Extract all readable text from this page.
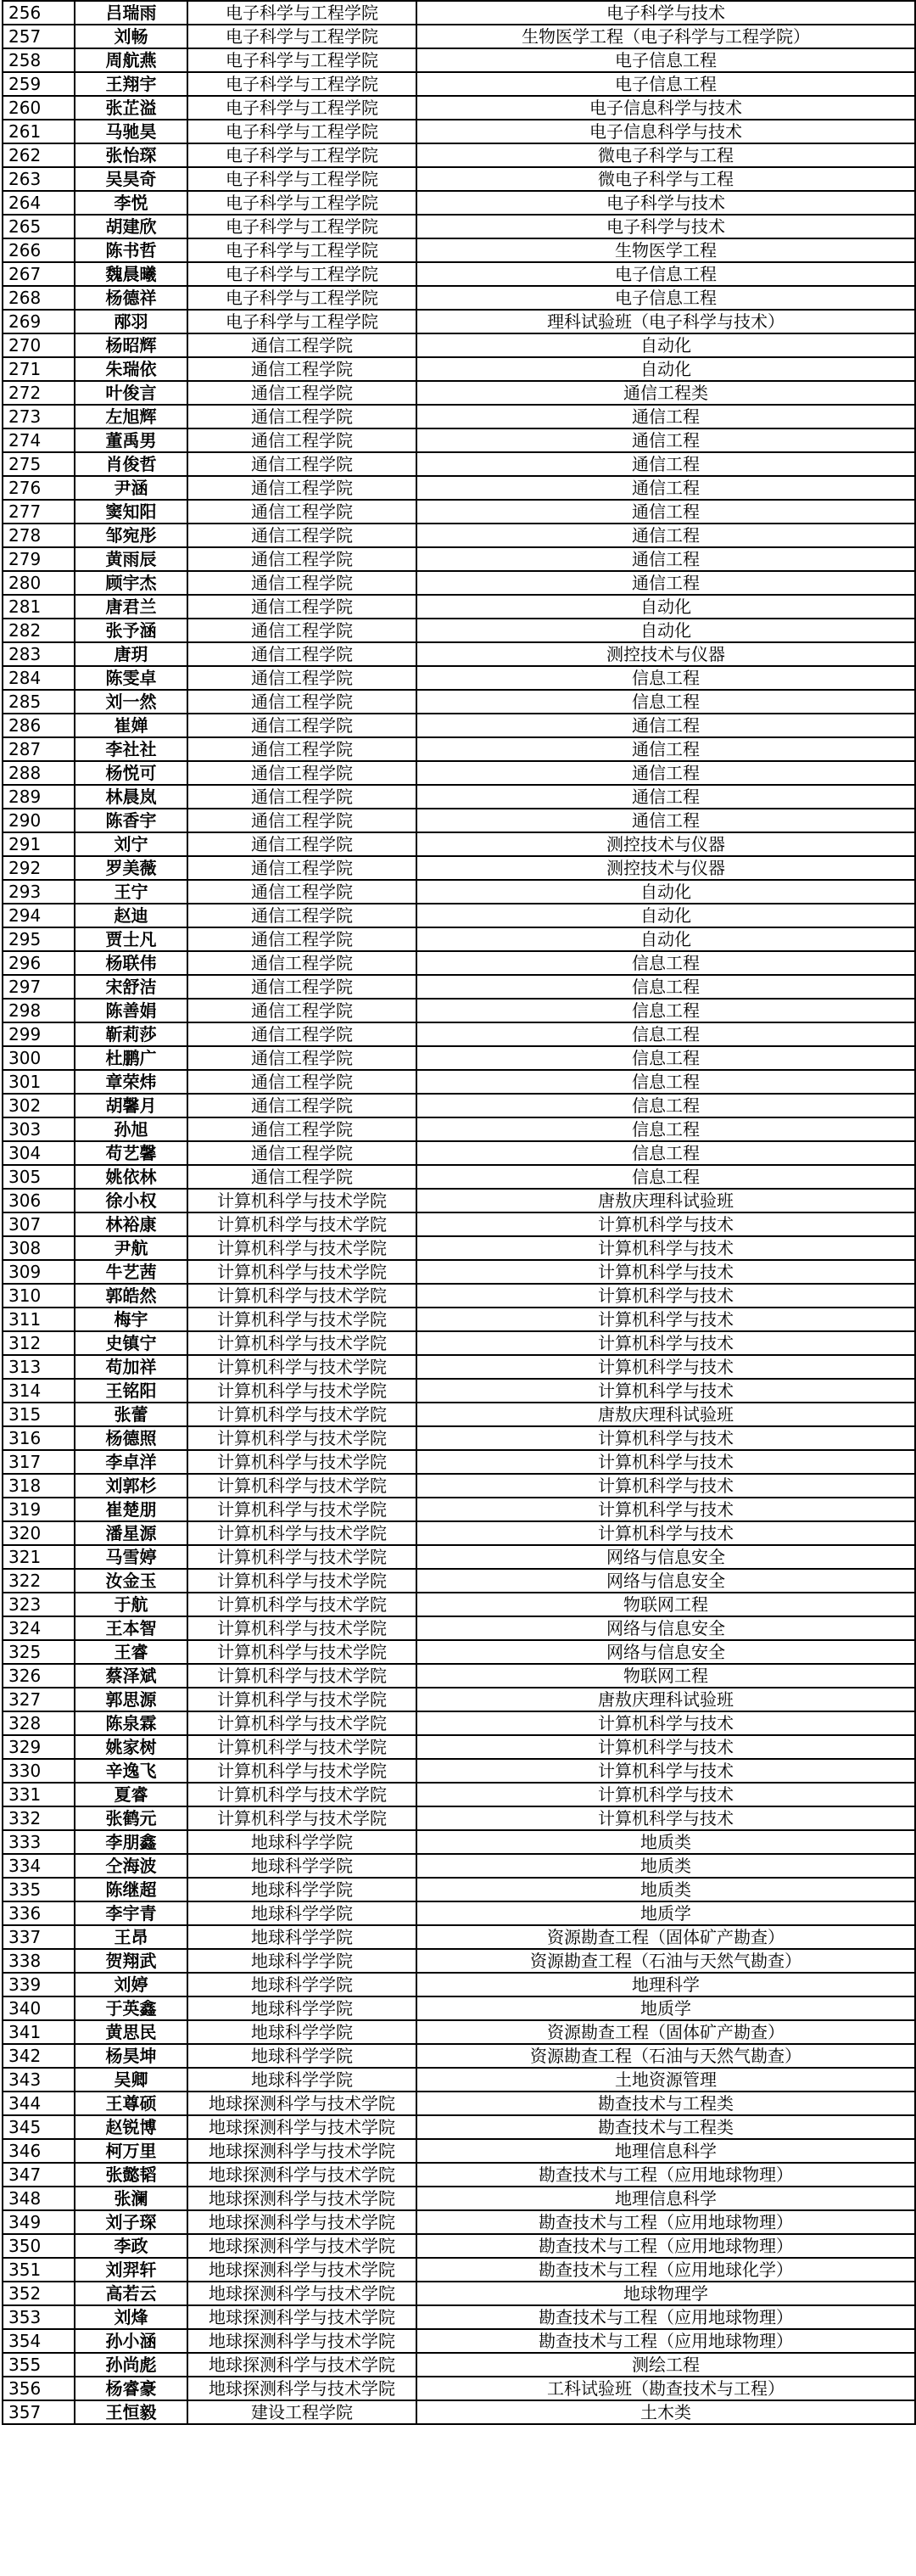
256	吕瑞雨	电子科学与工程学院	电子科学与技术
257	刘畅	电子科学与工程学院	生物医学工程（电子科学与工程学院）
258	周航燕	电子科学与工程学院	电子信息工程
259	王翔宇	电子科学与工程学院	电子信息工程
260	张芷溢	电子科学与工程学院	电子信息科学与技术
261	马驰昊	电子科学与工程学院	电子信息科学与技术
262	张怡琛	电子科学与工程学院	微电子科学与工程
263	吴昊奇	电子科学与工程学院	微电子科学与工程
264	李悦	电子科学与工程学院	电子科学与技术
265	胡建欣	电子科学与工程学院	电子科学与技术
266	陈书哲	电子科学与工程学院	生物医学工程
267	魏晨曦	电子科学与工程学院	电子信息工程
268	杨德祥	电子科学与工程学院	电子信息工程
269	邴羽	电子科学与工程学院	理科试验班（电子科学与技术）
270	杨昭辉	通信工程学院	自动化
271	朱瑞依	通信工程学院	自动化
272	叶俊言	通信工程学院	通信工程类
273	左旭辉	通信工程学院	通信工程
274	董禹男	通信工程学院	通信工程
275	肖俊哲	通信工程学院	通信工程
276	尹涵	通信工程学院	通信工程
277	窦知阳	通信工程学院	通信工程
278	邹宛彤	通信工程学院	通信工程
279	黄雨辰	通信工程学院	通信工程
280	顾宇杰	通信工程学院	通信工程
281	唐君兰	通信工程学院	自动化
282	张予涵	通信工程学院	自动化
283	唐玥	通信工程学院	测控技术与仪器
284	陈雯卓	通信工程学院	信息工程
285	刘一然	通信工程学院	信息工程
286	崔婵	通信工程学院	通信工程
287	李社社	通信工程学院	通信工程
288	杨悦可	通信工程学院	通信工程
289	林晨岚	通信工程学院	通信工程
290	陈香宇	通信工程学院	通信工程
291	刘宁	通信工程学院	测控技术与仪器
292	罗美薇	通信工程学院	测控技术与仪器
293	王宁	通信工程学院	自动化
294	赵迪	通信工程学院	自动化
295	贾士凡	通信工程学院	自动化
296	杨联伟	通信工程学院	信息工程
297	宋舒洁	通信工程学院	信息工程
298	陈善娟	通信工程学院	信息工程
299	靳莉莎	通信工程学院	信息工程
300	杜鹏广	通信工程学院	信息工程
301	章荣炜	通信工程学院	信息工程
302	胡馨月	通信工程学院	信息工程
303	孙旭	通信工程学院	信息工程
304	苟艺馨	通信工程学院	信息工程
305	姚依林	通信工程学院	信息工程
306	徐小权	计算机科学与技术学院	唐敖庆理科试验班
307	林裕康	计算机科学与技术学院	计算机科学与技术
308	尹航	计算机科学与技术学院	计算机科学与技术
309	牛艺茜	计算机科学与技术学院	计算机科学与技术
310	郭皓然	计算机科学与技术学院	计算机科学与技术
311	梅宇	计算机科学与技术学院	计算机科学与技术
312	史镇宁	计算机科学与技术学院	计算机科学与技术
313	苟加祥	计算机科学与技术学院	计算机科学与技术
314	王铭阳	计算机科学与技术学院	计算机科学与技术
315	张蕾	计算机科学与技术学院	唐敖庆理科试验班
316	杨德照	计算机科学与技术学院	计算机科学与技术
317	李卓洋	计算机科学与技术学院	计算机科学与技术
318	刘郭杉	计算机科学与技术学院	计算机科学与技术
319	崔楚朋	计算机科学与技术学院	计算机科学与技术
320	潘星源	计算机科学与技术学院	计算机科学与技术
321	马雪婷	计算机科学与技术学院	网络与信息安全
322	汝金玉	计算机科学与技术学院	网络与信息安全
323	于航	计算机科学与技术学院	物联网工程
324	王本智	计算机科学与技术学院	网络与信息安全
325	王睿	计算机科学与技术学院	网络与信息安全
326	蔡泽斌	计算机科学与技术学院	物联网工程
327	郭思源	计算机科学与技术学院	唐敖庆理科试验班
328	陈泉霖	计算机科学与技术学院	计算机科学与技术
329	姚家树	计算机科学与技术学院	计算机科学与技术
330	辛逸飞	计算机科学与技术学院	计算机科学与技术
331	夏睿	计算机科学与技术学院	计算机科学与技术
332	张鹤元	计算机科学与技术学院	计算机科学与技术
333	李朋鑫	地球科学学院	地质类
334	仝海波	地球科学学院	地质类
335	陈继超	地球科学学院	地质类
336	李宇青	地球科学学院	地质学
337	王昂	地球科学学院	资源勘查工程（固体矿产勘查）
338	贺翔武	地球科学学院	资源勘查工程（石油与天然气勘查）
339	刘婷	地球科学学院	地理科学
340	于英鑫	地球科学学院	地质学
341	黄思民	地球科学学院	资源勘查工程（固体矿产勘查）
342	杨昊坤	地球科学学院	资源勘查工程（石油与天然气勘查）
343	吴卿	地球科学学院	土地资源管理
344	王尊硕	地球探测科学与技术学院	勘查技术与工程类
345	赵锐博	地球探测科学与技术学院	勘查技术与工程类
346	柯万里	地球探测科学与技术学院	地理信息科学
347	张懿韬	地球探测科学与技术学院	勘查技术与工程（应用地球物理）
348	张澜	地球探测科学与技术学院	地理信息科学
349	刘子琛	地球探测科学与技术学院	勘查技术与工程（应用地球物理）
350	李政	地球探测科学与技术学院	勘查技术与工程（应用地球物理）
351	刘羿轩	地球探测科学与技术学院	勘查技术与工程（应用地球化学）
352	高若云	地球探测科学与技术学院	地球物理学
353	刘烽	地球探测科学与技术学院	勘查技术与工程（应用地球物理）
354	孙小涵	地球探测科学与技术学院	勘查技术与工程（应用地球物理）
355	孙尚彪	地球探测科学与技术学院	测绘工程
356	杨睿豪	地球探测科学与技术学院	工科试验班（勘查技术与工程）
357	王恒毅	建设工程学院	土木类
